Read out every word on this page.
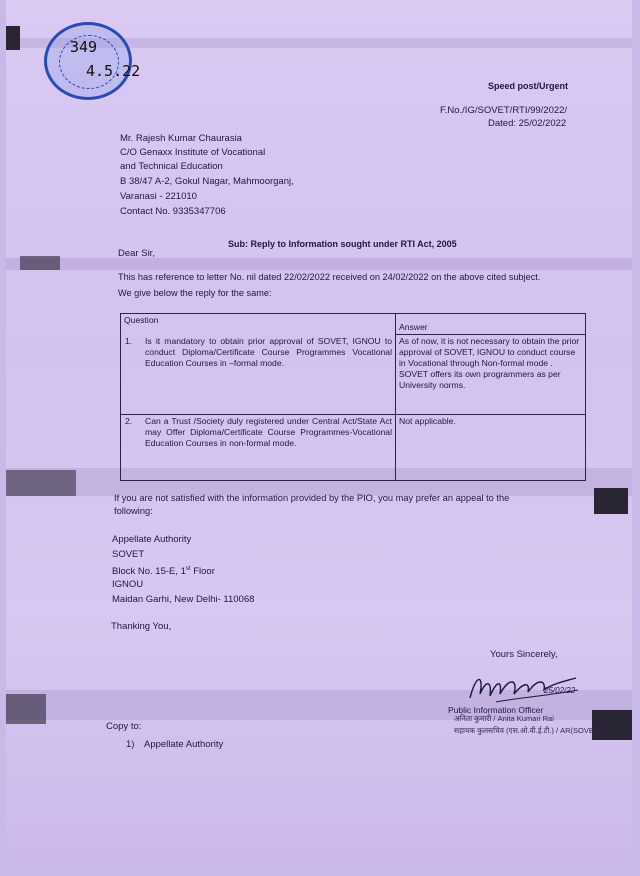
349
4.5.22
Speed post/Urgent
F.No./IG/SOVET/RTI/99/2022/
Dated: 25/02/2022
Mr. Rajesh Kumar Chaurasia
C/O Genaxx Institute of Vocational
and Technical Education
B 38/47 A-2, Gokul Nagar, Mahmoorganj,
Varanasi - 221010
Contact No. 9335347706
Sub: Reply to Information sought under RTI Act, 2005
Dear Sir,
This has reference to letter No. nil dated 22/02/2022 received on 24/02/2022 on the above cited subject.
We give below the reply for the same:
Question	Answer
1. Is it mandatory to obtain prior approval of SOVET, IGNOU to conduct Diploma/Certificate Course Programmes Vocational Education Courses in –formal mode.	As of now, it is not necessary to obtain the prior approval of SOVET, IGNOU to conduct course in Vocational through Non-formal mode . SOVET offers its own programmers as per University norms.
2. Can a Trust /Society duly registered under Central Act/State Act may Offer Diploma/Certificate Course Programmes-Vocational Education Courses in non-formal mode.	Not applicable.
If you are not satisfied with the information provided by the PIO, you may prefer an appeal to the
following:
Appellate Authority
SOVET
Block No. 15-E, 1st Floor
IGNOU
Maidan Garhi, New Delhi- 110068
Thanking You,
Yours Sincerely,
25/02/22
Public Information Officer
अनिता कुमारी / Anita Kumari Rai
सहायक कुलसचिव (एस.ओ.वी.ई.टी.) / AR(SOVET)
Copy to:
1) Appellate Authority
